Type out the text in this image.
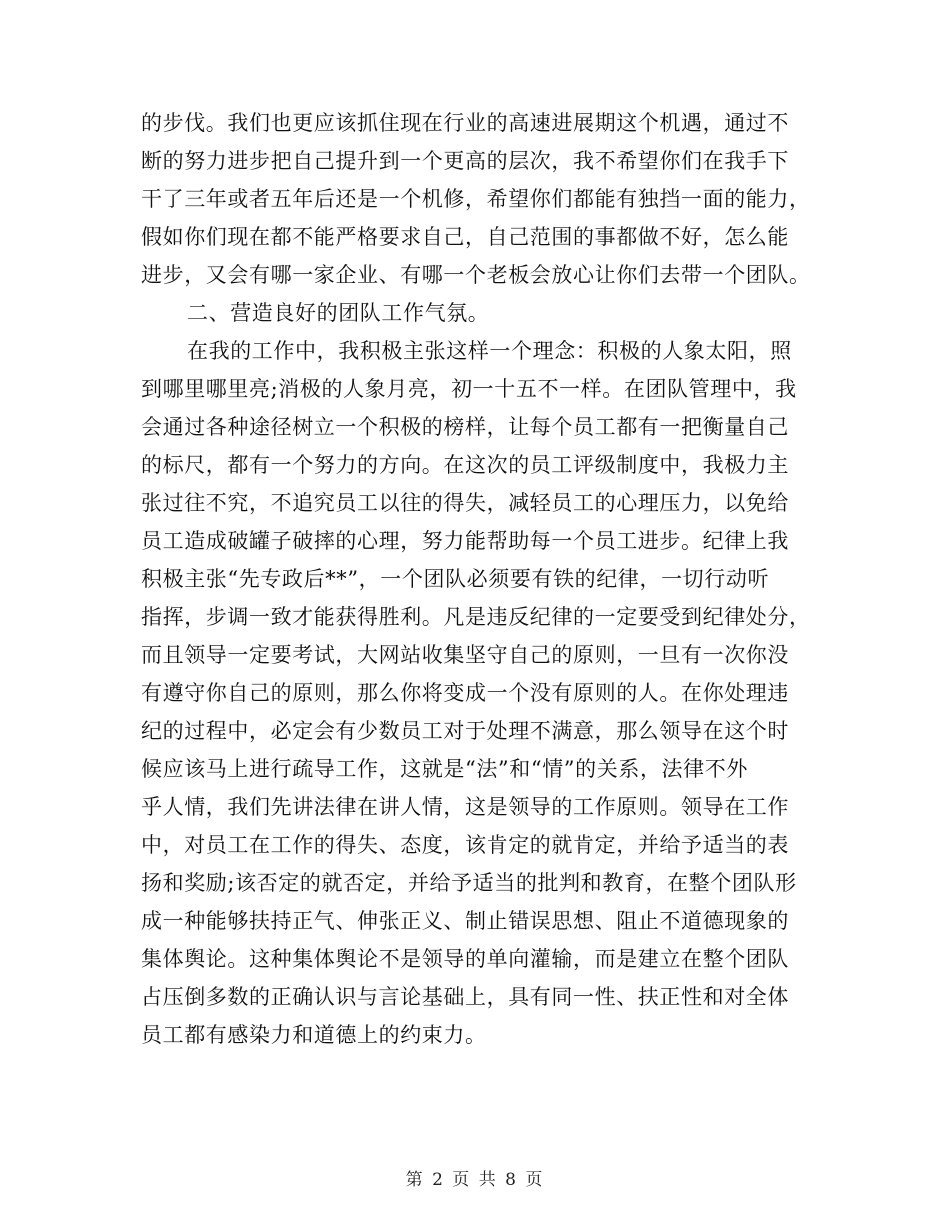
的步伐。我们也更应该抓住现在行业的高速进展期这个机遇，通过不
断的努力进步把自己提升到一个更高的层次，我不希望你们在我手下
干了三年或者五年后还是一个机修，希望你们都能有独挡一面的能力，
假如你们现在都不能严格要求自己，自己范围的事都做不好，怎么能
进步，又会有哪一家企业、有哪一个老板会放心让你们去带一个团队。
二、营造良好的团队工作气氛。
在我的工作中，我积极主张这样一个理念：积极的人象太阳，照
到哪里哪里亮;消极的人象月亮，初一十五不一样。在团队管理中，我
会通过各种途径树立一个积极的榜样，让每个员工都有一把衡量自己
的标尺，都有一个努力的方向。在这次的员工评级制度中，我极力主
张过往不究，不追究员工以往的得失，减轻员工的心理压力，以免给
员工造成破罐子破摔的心理，努力能帮助每一个员工进步。纪律上我
积极主张“先专政后**”，一个团队必须要有铁的纪律，一切行动听
指挥，步调一致才能获得胜利。凡是违反纪律的一定要受到纪律处分，
而且领导一定要考试，大网站收集坚守自己的原则，一旦有一次你没
有遵守你自己的原则，那么你将变成一个没有原则的人。在你处理违
纪的过程中，必定会有少数员工对于处理不满意，那么领导在这个时
候应该马上进行疏导工作，这就是“法”和“情”的关系，法律不外
乎人情，我们先讲法律在讲人情，这是领导的工作原则。领导在工作
中，对员工在工作的得失、态度，该肯定的就肯定，并给予适当的表
扬和奖励;该否定的就否定，并给予适当的批判和教育，在整个团队形
成一种能够扶持正气、伸张正义、制止错误思想、阻止不道德现象的
集体舆论。这种集体舆论不是领导的单向灌输，而是建立在整个团队
占压倒多数的正确认识与言论基础上，具有同一性、扶正性和对全体
员工都有感染力和道德上的约束力。
第 2 页 共 8 页
